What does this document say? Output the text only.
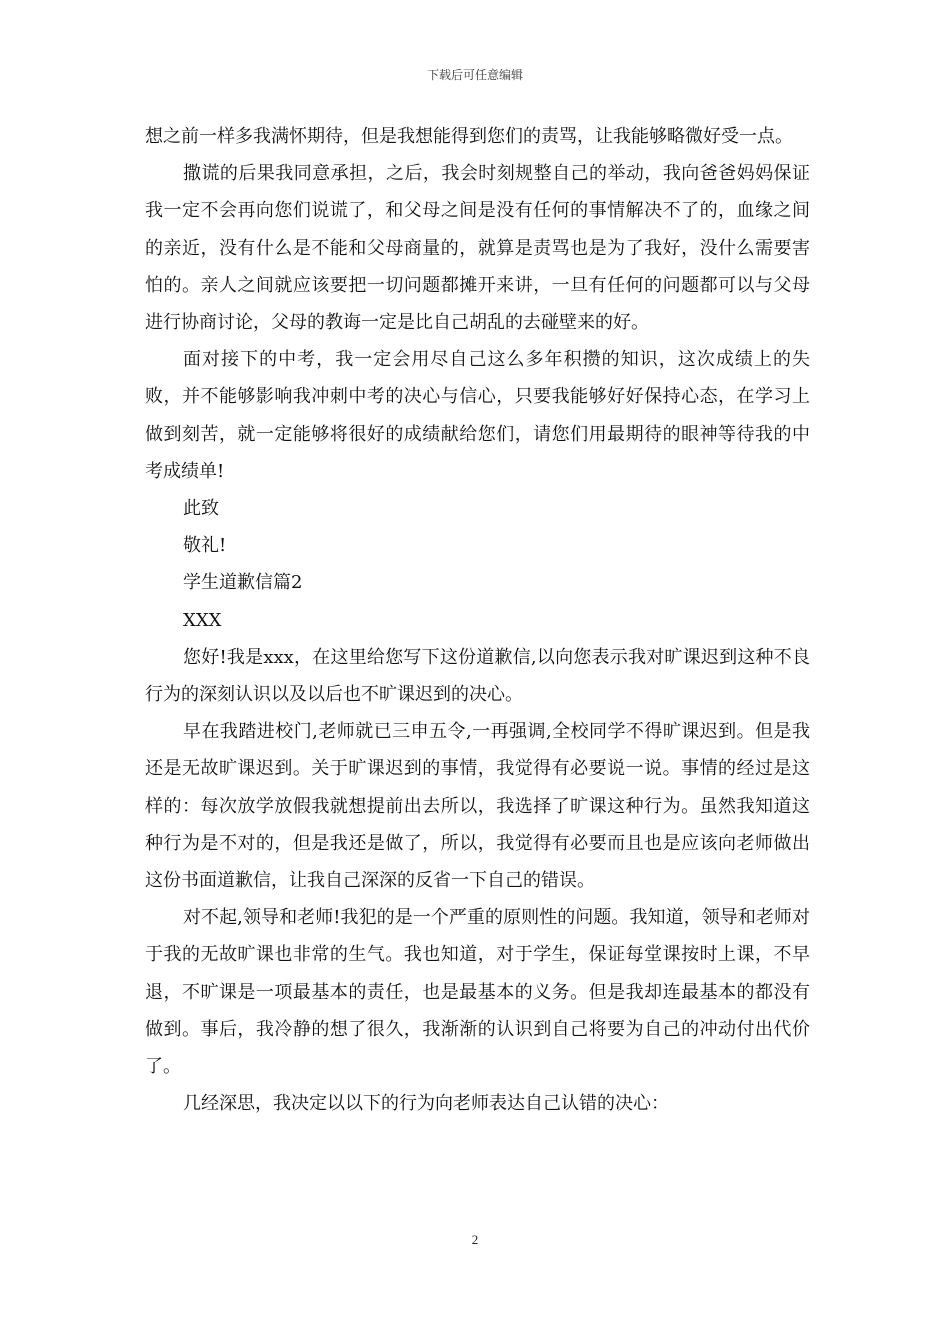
下载后可任意编辑

想之前一样多我满怀期待，但是我想能得到您们的责骂，让我能够略微好受一点。

撒谎的后果我同意承担，之后，我会时刻规整自己的举动，我向爸爸妈妈保证我一定不会再向您们说谎了，和父母之间是没有任何的事情解决不了的，血缘之间的亲近，没有什么是不能和父母商量的，就算是责骂也是为了我好，没什么需要害怕的。亲人之间就应该要把一切问题都摊开来讲，一旦有任何的问题都可以与父母进行协商讨论，父母的教诲一定是比自己胡乱的去碰壁来的好。

面对接下的中考，我一定会用尽自己这么多年积攒的知识，这次成绩上的失败，并不能够影响我冲刺中考的决心与信心，只要我能够好好保持心态，在学习上做到刻苦，就一定能够将很好的成绩献给您们，请您们用最期待的眼神等待我的中考成绩单!

此致

敬礼!

学生道歉信篇2

XXX

您好!我是xxx，在这里给您写下这份道歉信,以向您表示我对旷课迟到这种不良行为的深刻认识以及以后也不旷课迟到的决心。

早在我踏进校门,老师就已三申五令,一再强调,全校同学不得旷课迟到。但是我还是无故旷课迟到。关于旷课迟到的事情，我觉得有必要说一说。事情的经过是这样的：每次放学放假我就想提前出去所以，我选择了旷课这种行为。虽然我知道这种行为是不对的，但是我还是做了，所以，我觉得有必要而且也是应该向老师做出这份书面道歉信，让我自己深深的反省一下自己的错误。

对不起,领导和老师!我犯的是一个严重的原则性的问题。我知道，领导和老师对于我的无故旷课也非常的生气。我也知道，对于学生，保证每堂课按时上课，不早退，不旷课是一项最基本的责任，也是最基本的义务。但是我却连最基本的都没有做到。事后，我冷静的想了很久，我渐渐的认识到自己将要为自己的冲动付出代价了。

几经深思，我决定以以下的行为向老师表达自己认错的决心：

2
